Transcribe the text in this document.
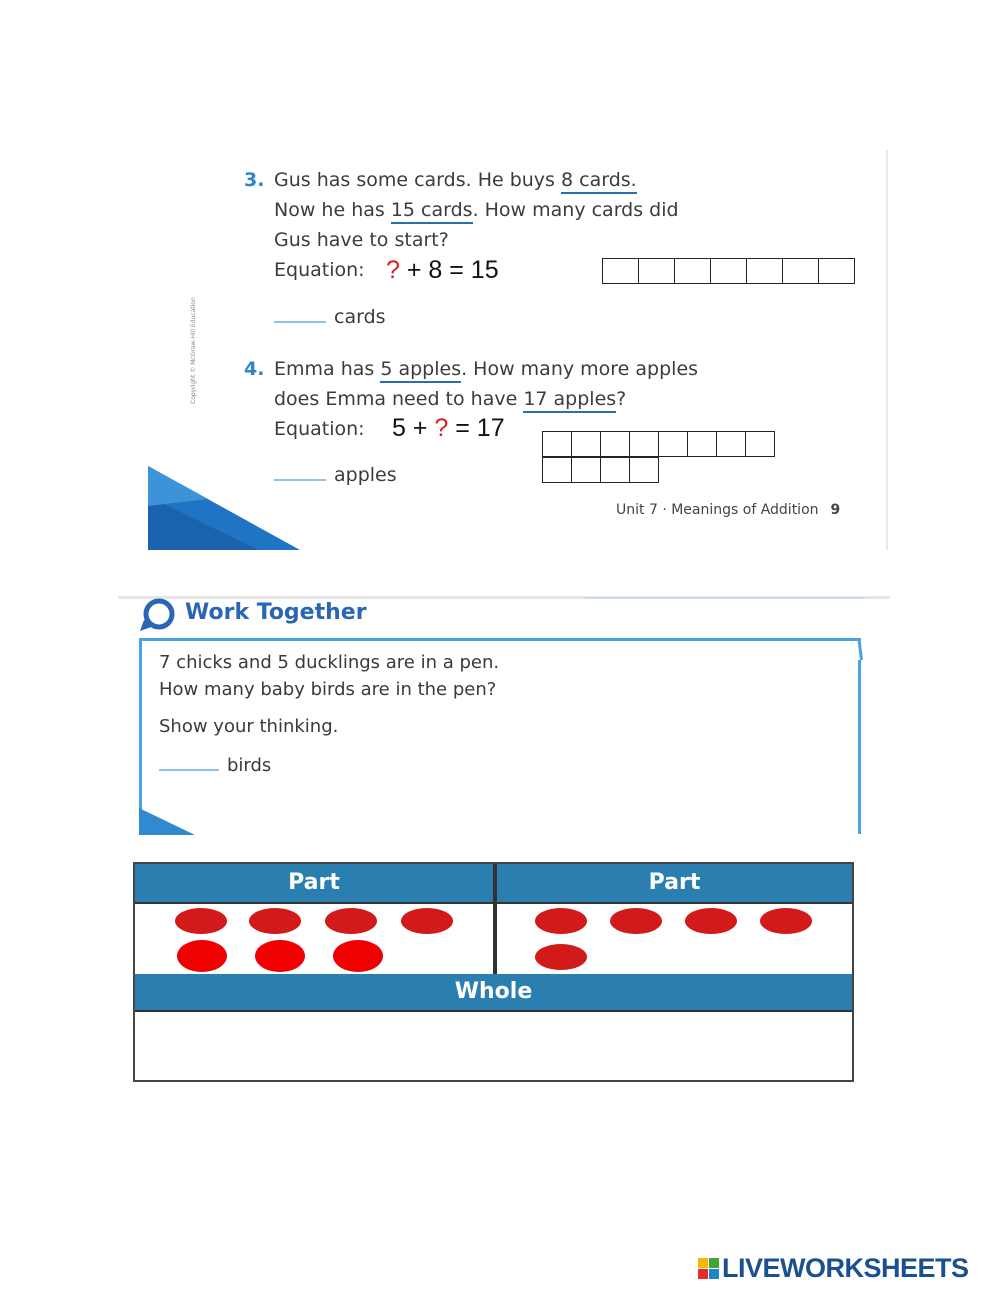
Copyright © McGraw-Hill Education
3. Gus has some cards. He buys 8 cards.
Now he has 15 cards. How many cards did
Gus have to start?
Equation: ? + 8 = 15
cards
4. Emma has 5 apples. How many more apples
does Emma need to have 17 apples?
Equation: 5 + ? = 17
apples
Unit 7 · Meanings of Addition 9
Work Together
7 chicks and 5 ducklings are in a pen.
How many baby birds are in the pen?
Show your thinking.
birds
Part	Part
Whole
LIVEWORKSHEETS
